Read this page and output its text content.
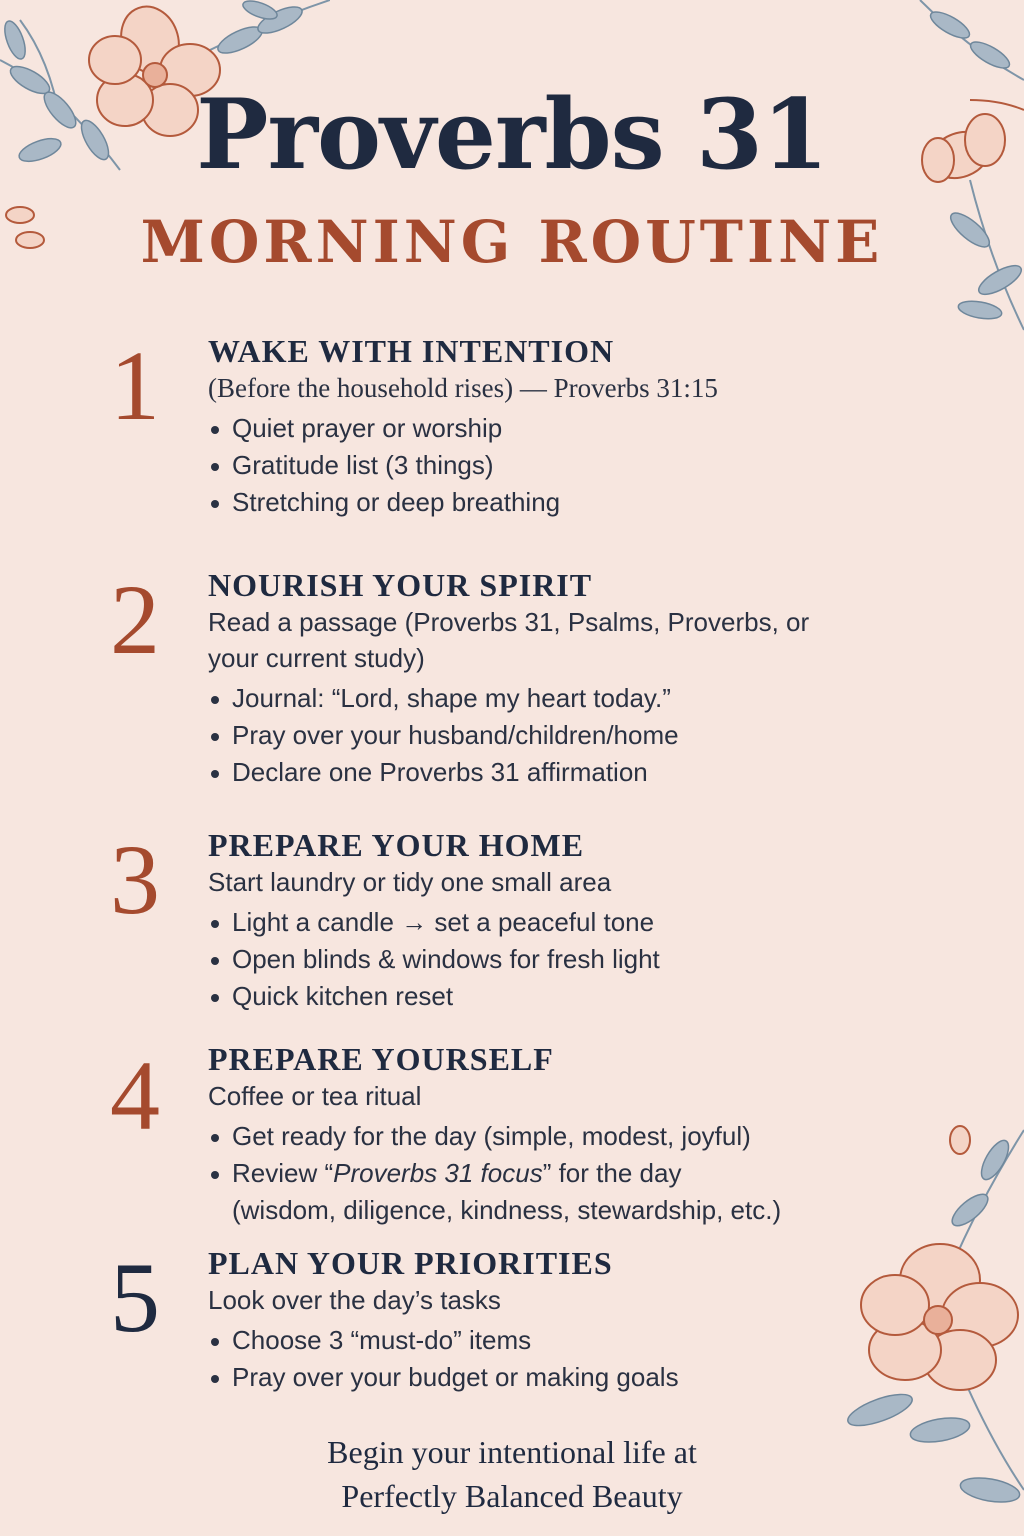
Proverbs 31
MORNING ROUTINE
1 WAKE WITH INTENTION
(Before the household rises) — Proverbs 31:15
Quiet prayer or worship
Gratitude list (3 things)
Stretching or deep breathing
2 NOURISH YOUR SPIRIT
Read a passage (Proverbs 31, Psalms, Proverbs, or
your current study)
Journal: “Lord, shape my heart today.”
Pray over your husband/children/home
Declare one Proverbs 31 affirmation
3 PREPARE YOUR HOME
Start laundry or tidy one small area
Light a candle → set a peaceful tone
Open blinds & windows for fresh light
Quick kitchen reset
4 PREPARE YOURSELF
Coffee or tea ritual
Get ready for the day (simple, modest, joyful)
Review “Proverbs 31 focus” for the day
(wisdom, diligence, kindness, stewardship, etc.)
5 PLAN YOUR PRIORITIES
Look over the day’s tasks
Choose 3 “must-do” items
Pray over your budget or making goals
Begin your intentional life at
Perfectly Balanced Beauty
